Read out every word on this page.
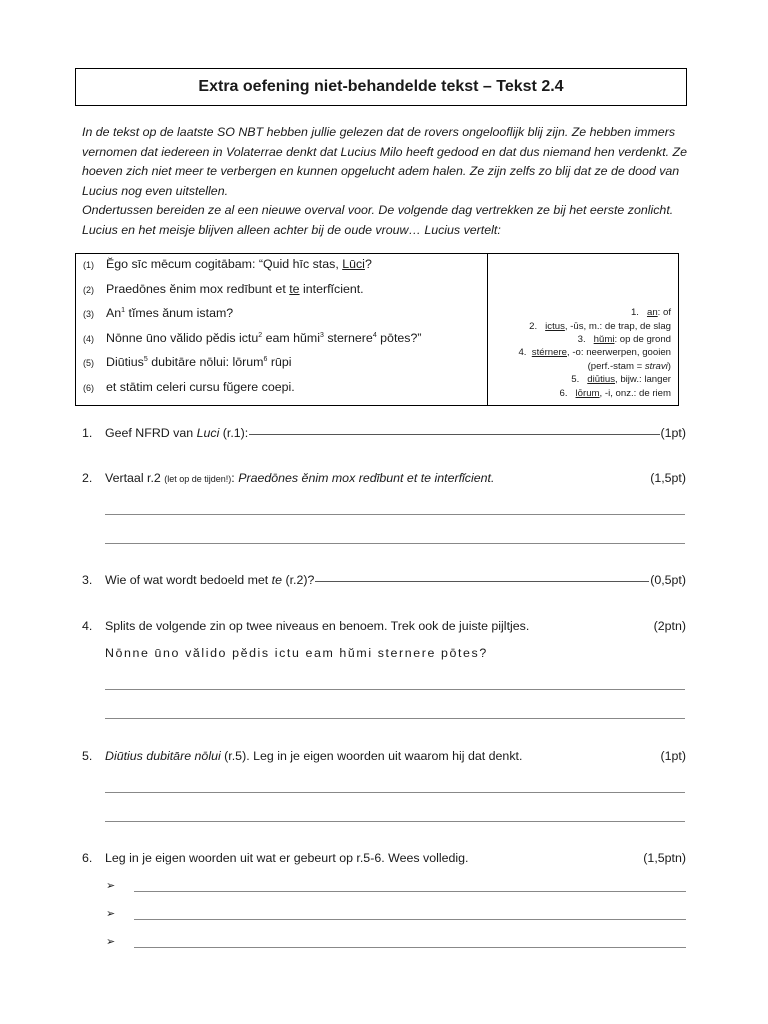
Extra oefening niet-behandelde tekst – Tekst 2.4

In de tekst op de laatste SO NBT hebben jullie gelezen dat de rovers ongelooflijk blij zijn. Ze hebben immers vernomen dat iedereen in Volaterrae denkt dat Lucius Milo heeft gedood en dat dus niemand hen verdenkt. Ze hoeven zich niet meer te verbergen en kunnen opgelucht adem halen. Ze zijn zelfs zo blij dat ze de dood van Lucius nog even uitstellen.

Ondertussen bereiden ze al een nieuwe overval voor. De volgende dag vertrekken ze bij het eerste zonlicht. Lucius en het meisje blijven alleen achter bij de oude vrouw… Lucius vertelt:

(1) Ĕgo sīc mēcum cogitābam: “Quid hīc stas, Lūci?
(2) Praedōnes ĕnim mox redībunt et te interfĭcient.
(3) An$^1$ tĭmes ănum istam?
(4) Nōnne ūno vălido pĕdis ictu$^2$ eam hŭmi$^3$ sternere$^4$ pōtes?”
(5) Diūtius$^5$ dubitāre nōlui: lōrum$^6$ rūpi
(6) et stātim celeri cursu fŭgere coepi.
1. an: of
2. ictus, -ūs, m.: de trap, de slag
3. hŭmi: op de grond
4. stérnere, -o: neerwerpen, gooien
(perf.-stam = stravi)
5. diūtius, bijw.: langer
6. lōrum, -i, onz.: de riem
1.	Geef NFRD van Luci (r.1):	(1pt)
2.	Vertaal r.2 (let op de tijden!): Praedōnes ĕnim mox redībunt et te interfĭcient.	(1,5pt)
3.	Wie of wat wordt bedoeld met te (r.2)?	(0,5pt)
4.	Splits de volgende zin op twee niveaus en benoem. Trek ook de juiste pijltjes.	(2ptn)
Nōnne ūno vălido pĕdis ictu eam hŭmi sternere pōtes?
5.	Diūtius dubitāre nōlui (r.5). Leg in je eigen woorden uit waarom hij dat denkt.	(1pt)
6.	Leg in je eigen woorden uit wat er gebeurt op r.5-6. Wees volledig.	(1,5ptn)
➢
➢
➢
